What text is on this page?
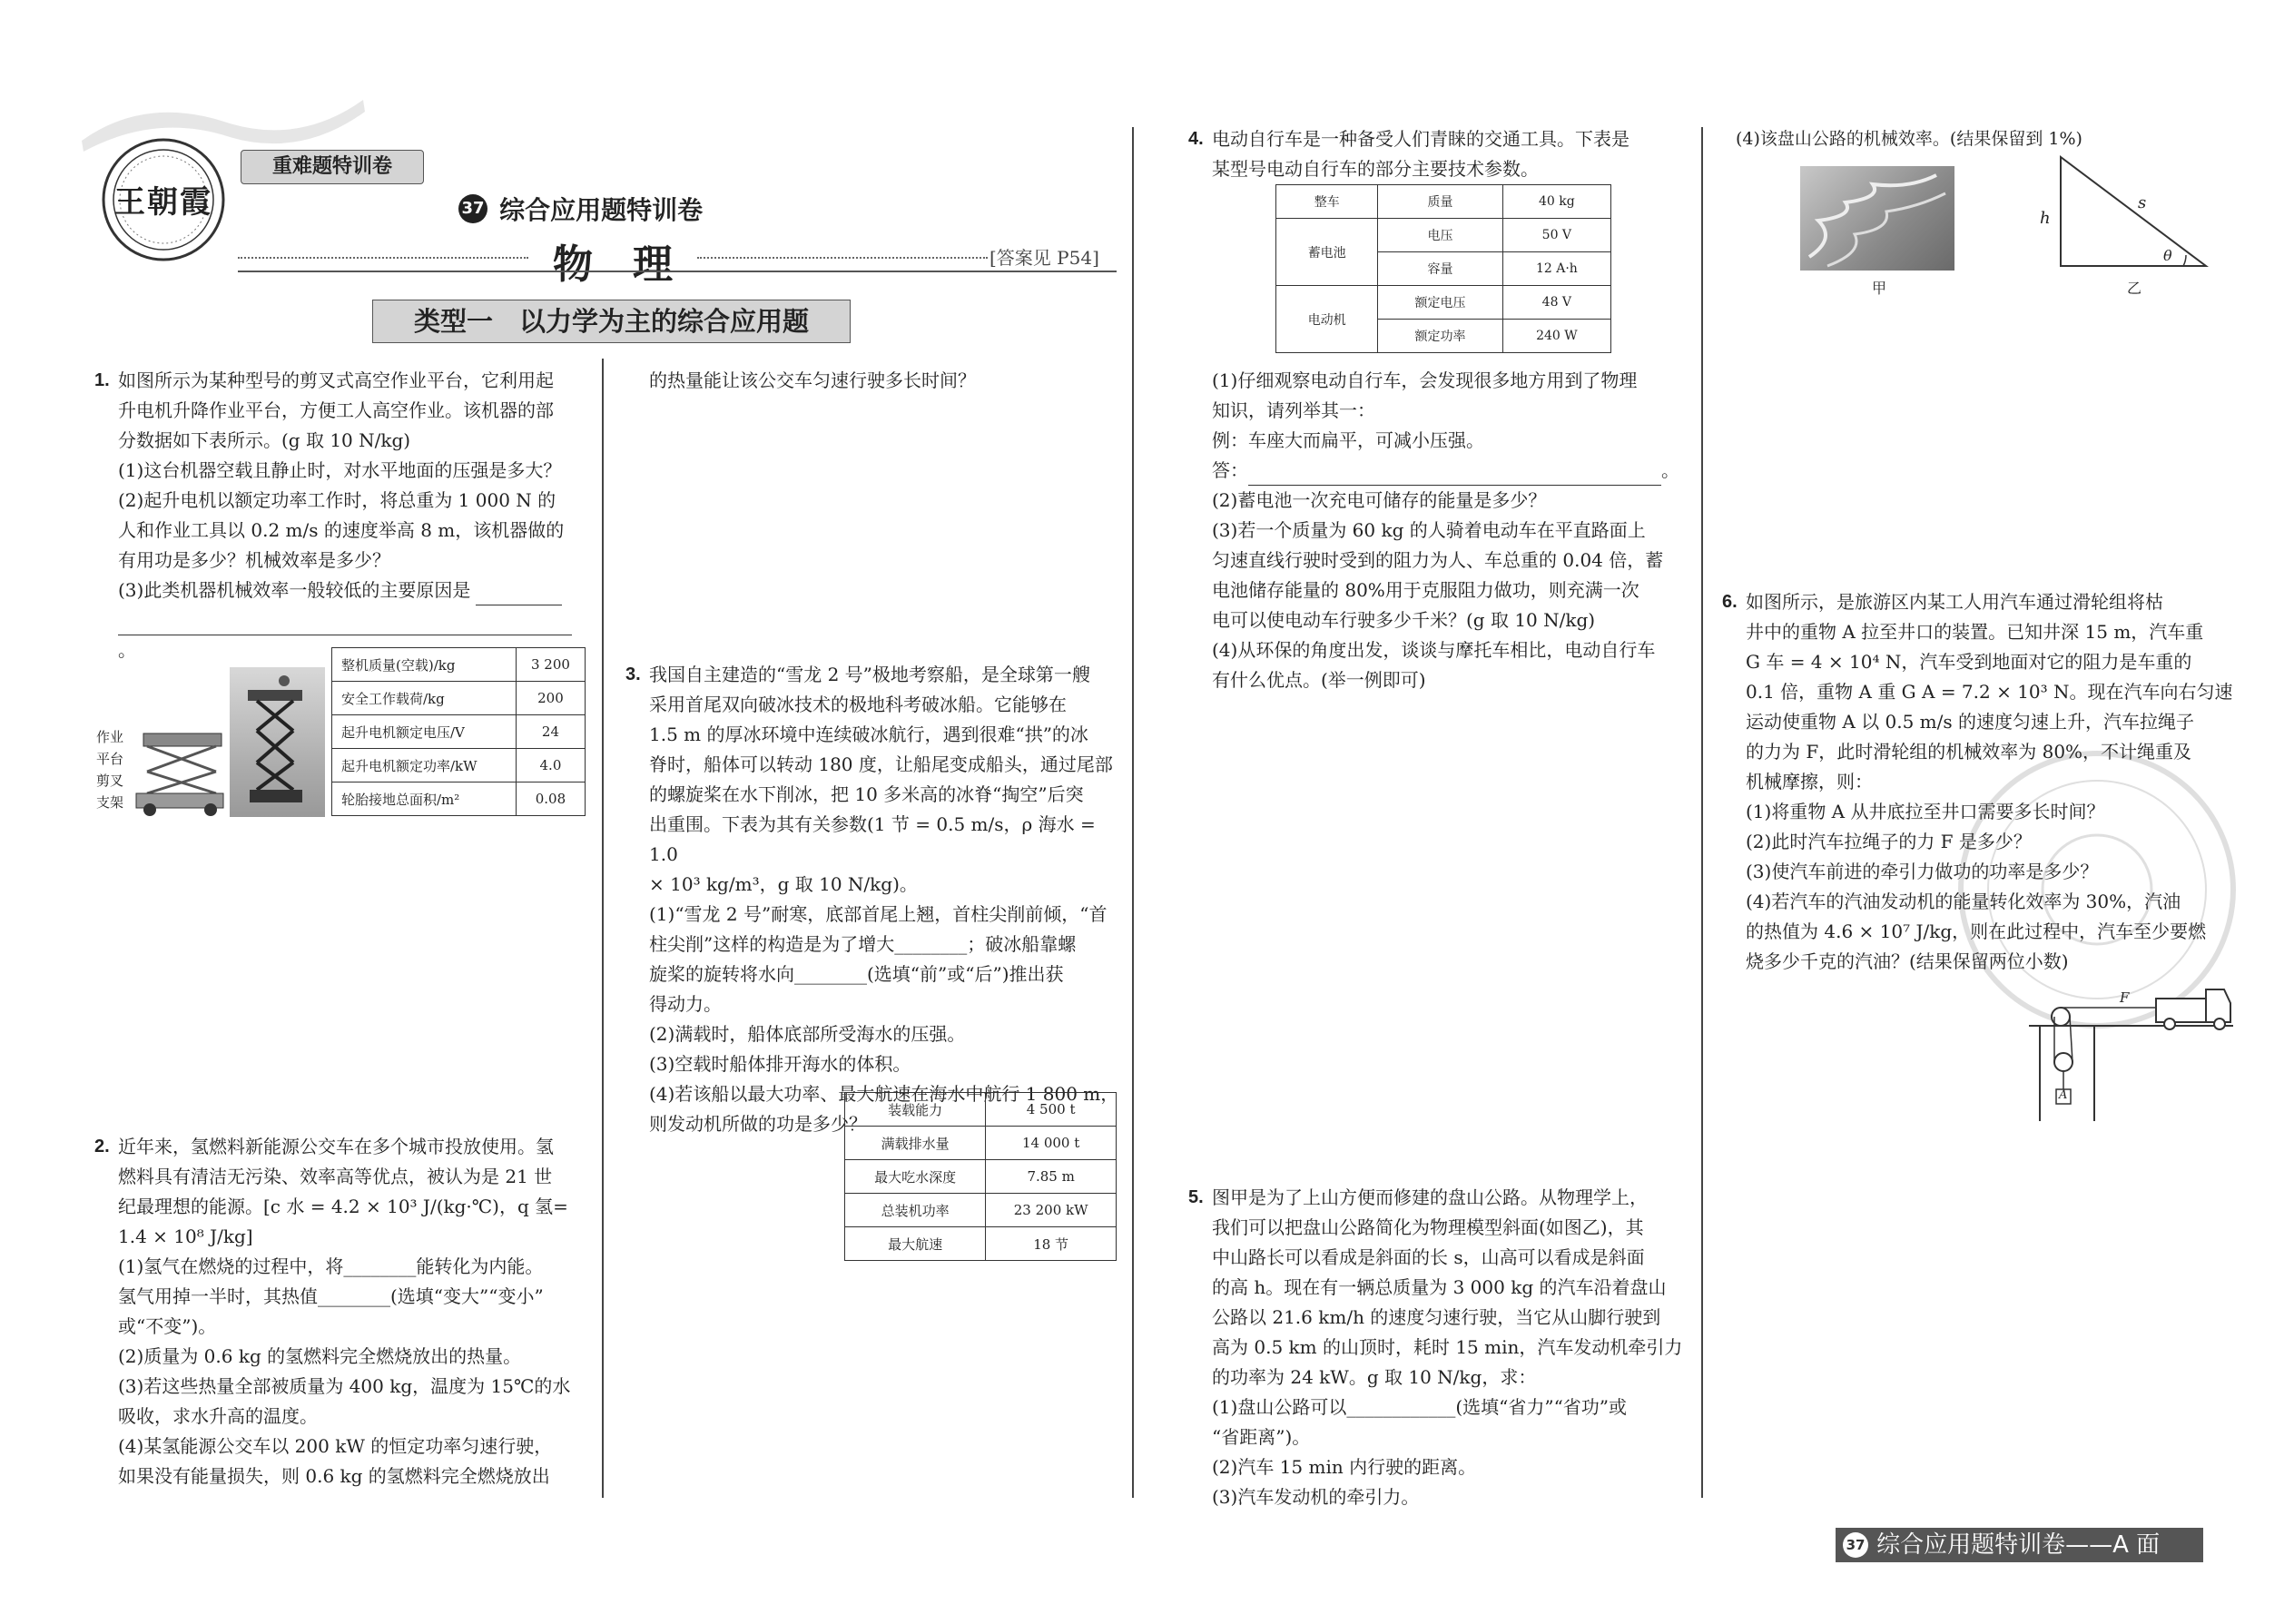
王朝霞
重难题特训卷
37 综合应用题特训卷
物　理	[答案见 P54]
类型一　以力学为主的综合应用题
1. 如图所示为某种型号的剪叉式高空作业平台，它利用起

升电机升降作业平台，方便工人高空作业。该机器的部

分数据如下表所示。(g 取 10 N/kg)

(1)这台机器空载且静止时，对水平地面的压强是多大？

(2)起升电机以额定功率工作时，将总重为 1 000 N 的

人和作业工具以 0.2 m/s 的速度举高 8 m，该机器做的

有用功是多少？机械效率是多少？

(3)此类机器机械效率一般较低的主要原因是

。

作业
平台
剪叉
支架
整机质量(空载)/kg	3 200
安全工作载荷/kg	200
起升电机额定电压/V	24
起升电机额定功率/kW	4.0
轮胎接地总面积/m²	0.08
2. 近年来，氢燃料新能源公交车在多个城市投放使用。氢

燃料具有清洁无污染、效率高等优点，被认为是 21 世

纪最理想的能源。[c 水 = 4.2 × 10³ J/(kg·℃)，q 氢=

1.4 × 10⁸ J/kg]

(1)氢气在燃烧的过程中，将________能转化为内能。

氢气用掉一半时，其热值________(选填“变大”“变小”

或“不变”)。

(2)质量为 0.6 kg 的氢燃料完全燃烧放出的热量。

(3)若这些热量全部被质量为 400 kg，温度为 15℃的水

吸收，求水升高的温度。

(4)某氢能源公交车以 200 kW 的恒定功率匀速行驶，

如果没有能量损失，则 0.6 kg 的氢燃料完全燃烧放出

的热量能让该公交车匀速行驶多长时间？
3. 我国自主建造的“雪龙 2 号”极地考察船，是全球第一艘

采用首尾双向破冰技术的极地科考破冰船。它能够在

1.5 m 的厚冰环境中连续破冰航行，遇到很难“拱”的冰

脊时，船体可以转动 180 度，让船尾变成船头，通过尾部

的螺旋桨在水下削冰，把 10 多米高的冰脊“掏空”后突

出重围。下表为其有关参数(1 节 = 0.5 m/s，ρ 海水 = 1.0

× 10³ kg/m³，g 取 10 N/kg)。

(1)“雪龙 2 号”耐寒，底部首尾上翘，首柱尖削前倾，“首

柱尖削”这样的构造是为了增大________；破冰船靠螺

旋桨的旋转将水向________(选填“前”或“后”)推出获

得动力。

(2)满载时，船体底部所受海水的压强。

(3)空载时船体排开海水的体积。

(4)若该船以最大功率、最大航速在海水中航行 1 800 m，

则发动机所做的功是多少？

装载能力	4 500 t
满载排水量	14 000 t
最大吃水深度	7.85 m
总装机功率	23 200 kW
最大航速	18 节
4. 电动自行车是一种备受人们青睐的交通工具。下表是

某型号电动自行车的部分主要技术参数。

整车	质量	40 kg
蓄电池	电压	50 V
	容量	12 A·h
电动机	额定电压	48 V
	额定功率	240 W

(1)仔细观察电动自行车，会发现很多地方用到了物理

知识，请列举其一：

例：车座大而扁平，可减小压强。

答：	。

(2)蓄电池一次充电可储存的能量是多少？

(3)若一个质量为 60 kg 的人骑着电动车在平直路面上

匀速直线行驶时受到的阻力为人、车总重的 0.04 倍，蓄

电池储存能量的 80%用于克服阻力做功，则充满一次

电可以使电动车行驶多少千米？(g 取 10 N/kg)

(4)从环保的角度出发，谈谈与摩托车相比，电动自行车

有什么优点。(举一例即可)

5. 图甲是为了上山方便而修建的盘山公路。从物理学上，

我们可以把盘山公路简化为物理模型斜面(如图乙)，其

中山路长可以看成是斜面的长 s，山高可以看成是斜面

的高 h。现在有一辆总质量为 3 000 kg 的汽车沿着盘山

公路以 21.6 km/h 的速度匀速行驶，当它从山脚行驶到

高为 0.5 km 的山顶时，耗时 15 min，汽车发动机牵引力

的功率为 24 kW。g 取 10 N/kg，求：

(1)盘山公路可以____________(选填“省力”“省功”或

“省距离”)。

(2)汽车 15 min 内行驶的距离。

(3)汽车发动机的牵引力。

(4)该盘山公路的机械效率。(结果保留到 1%)
甲
h
s
θ
乙
6. 如图所示，是旅游区内某工人用汽车通过滑轮组将枯

井中的重物 A 拉至井口的装置。已知井深 15 m，汽车重

G 车 = 4 × 10⁴ N，汽车受到地面对它的阻力是车重的

0.1 倍，重物 A 重 G A = 7.2 × 10³ N。现在汽车向右匀速

运动使重物 A 以 0.5 m/s 的速度匀速上升，汽车拉绳子

的力为 F，此时滑轮组的机械效率为 80%，不计绳重及

机械摩擦，则：

(1)将重物 A 从井底拉至井口需要多长时间？

(2)此时汽车拉绳子的力 F 是多少？

(3)使汽车前进的牵引力做功的功率是多少？

(4)若汽车的汽油发动机的能量转化效率为 30%，汽油

的热值为 4.6 × 10⁷ J/kg，则在此过程中，汽车至少要燃

烧多少千克的汽油？(结果保留两位小数)

F
A
37 综合应用题特训卷——A 面
